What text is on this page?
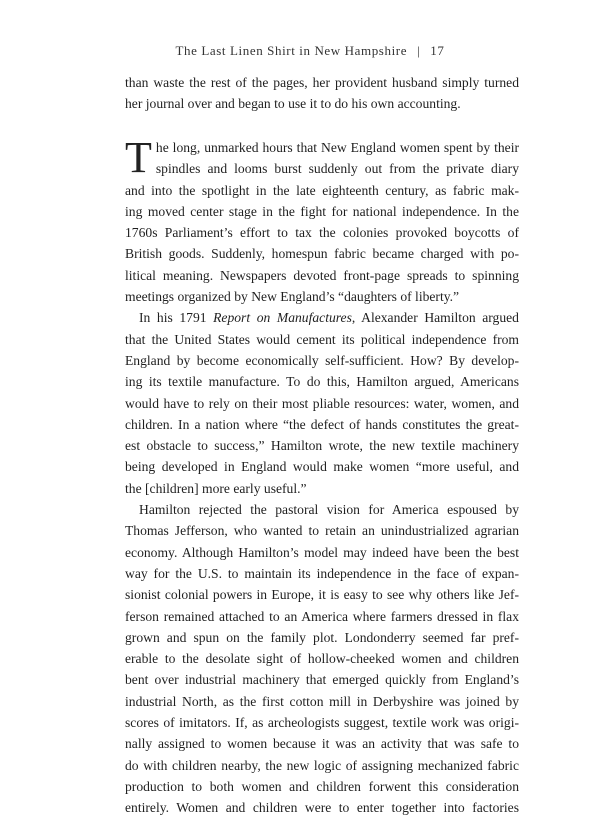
The Last Linen Shirt in New Hampshire | 17
than waste the rest of the pages, her provident husband simply turned
her journal over and began to use it to do his own accounting.
T he long, unmarked hours that New England women spent by their
spindles and looms burst suddenly out from the private diary
and into the spotlight in the late eighteenth century, as fabric mak-
ing moved center stage in the fight for national independence. In the
1760s Parliament’s effort to tax the colonies provoked boycotts of
British goods. Suddenly, homespun fabric became charged with po-
litical meaning. Newspapers devoted front-page spreads to spinning
meetings organized by New England’s “daughters of liberty.”
In his 1791 Report on Manufactures, Alexander Hamilton argued
that the United States would cement its political independence from
England by become economically self-sufficient. How? By develop-
ing its textile manufacture. To do this, Hamilton argued, Americans
would have to rely on their most pliable resources: water, women, and
children. In a nation where “the defect of hands constitutes the great-
est obstacle to success,” Hamilton wrote, the new textile machinery
being developed in England would make women “more useful, and
the [children] more early useful.”
Hamilton rejected the pastoral vision for America espoused by
Thomas Jefferson, who wanted to retain an unindustrialized agrarian
economy. Although Hamilton’s model may indeed have been the best
way for the U.S. to maintain its independence in the face of expan-
sionist colonial powers in Europe, it is easy to see why others like Jef-
ferson remained attached to an America where farmers dressed in flax
grown and spun on the family plot. Londonderry seemed far pref-
erable to the desolate sight of hollow-cheeked women and children
bent over industrial machinery that emerged quickly from England’s
industrial North, as the first cotton mill in Derbyshire was joined by
scores of imitators. If, as archeologists suggest, textile work was origi-
nally assigned to women because it was an activity that was safe to
do with children nearby, the new logic of assigning mechanized fabric
production to both women and children forwent this consideration
entirely. Women and children were to enter together into factories
